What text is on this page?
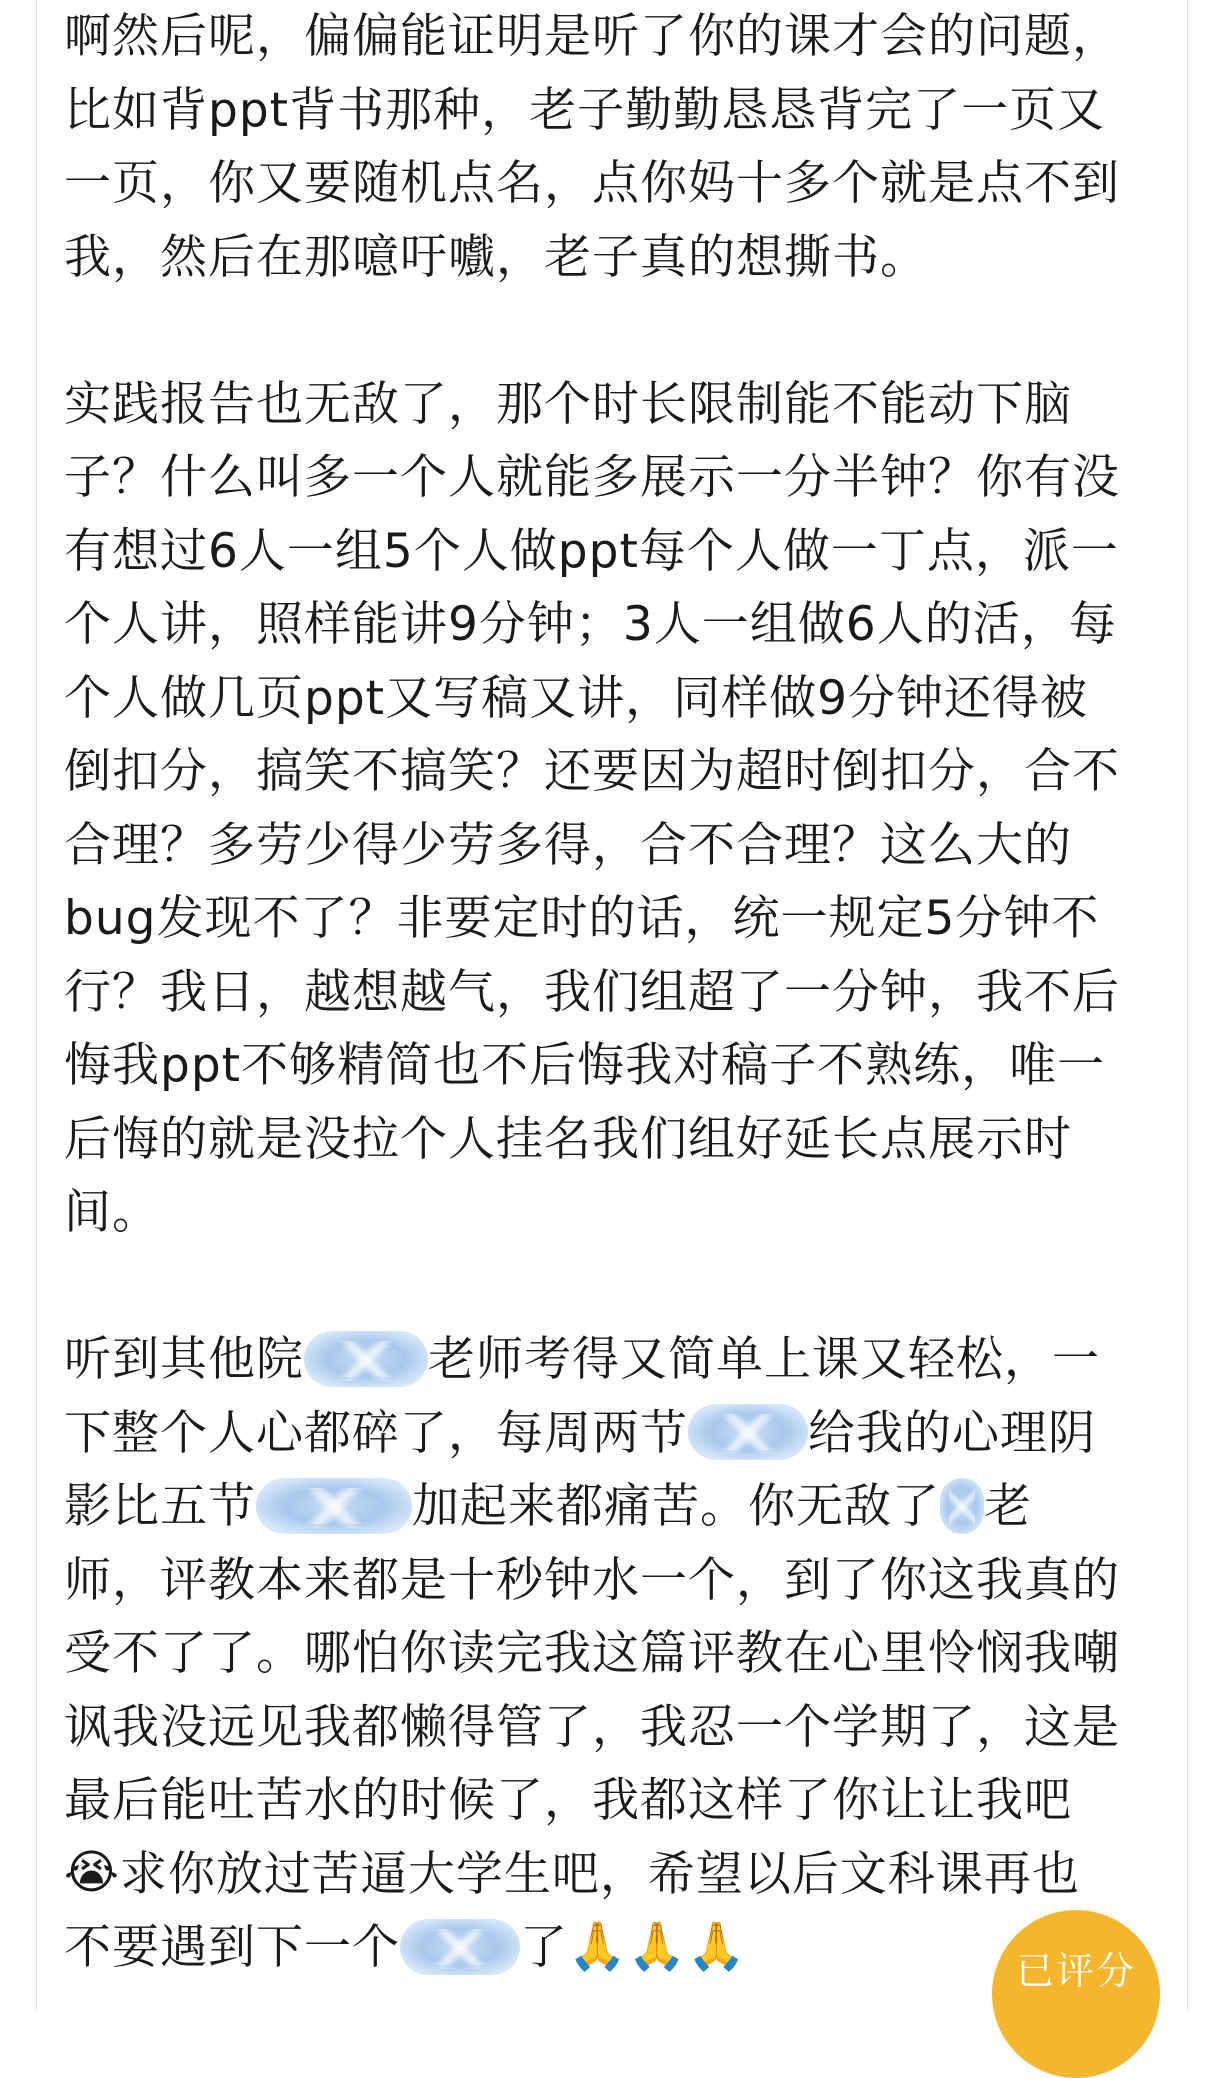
啊然后呢，偏偏能证明是听了你的课才会的问题，
比如背ppt背书那种，老子勤勤恳恳背完了一页又
一页，你又要随机点名，点你妈十多个就是点不到
我，然后在那噫吁嚱，老子真的想撕书。
实践报告也无敌了，那个时长限制能不能动下脑
子？什么叫多一个人就能多展示一分半钟？你有没
有想过6人一组5个人做ppt每个人做一丁点，派一
个人讲，照样能讲9分钟；3人一组做6人的活，每
个人做几页ppt又写稿又讲，同样做9分钟还得被
倒扣分，搞笑不搞笑？还要因为超时倒扣分，合不
合理？多劳少得少劳多得，合不合理？这么大的
bug发现不了？非要定时的话，统一规定5分钟不
行？我日，越想越气，我们组超了一分钟，我不后
悔我ppt不够精简也不后悔我对稿子不熟练，唯一
后悔的就是没拉个人挂名我们组好延长点展示时
间。
听到其他院	老师考得又简单上课又轻松，一
下整个人心都碎了，每周两节	给我的心理阴
影比五节	加起来都痛苦。你无敌了 老
师，评教本来都是十秒钟水一个，到了你这我真的
受不了了。哪怕你读完我这篇评教在心里怜悯我嘲
讽我没远见我都懒得管了，我忍一个学期了，这是
最后能吐苦水的时候了，我都这样了你让让我吧
😭求你放过苦逼大学生吧，希望以后文科课再也
不要遇到下一个	了🙏🙏🙏	已评分
